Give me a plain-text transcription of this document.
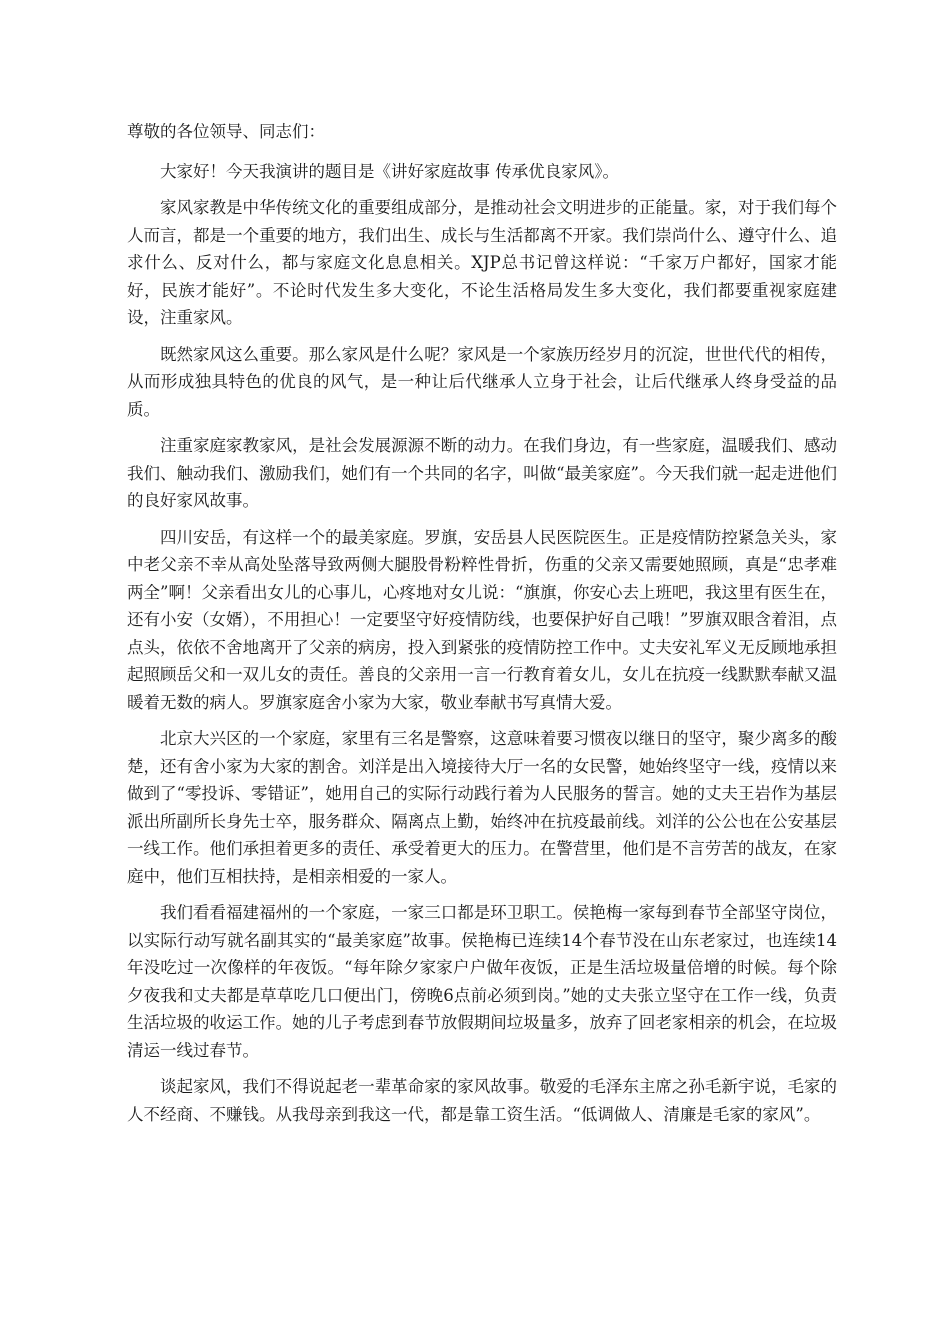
尊敬的各位领导、同志们：

大家好！今天我演讲的题目是《讲好家庭故事 传承优良家风》。

家风家教是中华传统文化的重要组成部分，是推动社会文明进步的正能量。家，对于我们每个人而言，都是一个重要的地方，我们出生、成长与生活都离不开家。我们崇尚什么、遵守什么、追求什么、反对什么，都与家庭文化息息相关。XJP总书记曾这样说：“千家万户都好，国家才能好，民族才能好”。不论时代发生多大变化，不论生活格局发生多大变化，我们都要重视家庭建设，注重家风。

既然家风这么重要。那么家风是什么呢？家风是一个家族历经岁月的沉淀，世世代代的相传，从而形成独具特色的优良的风气，是一种让后代继承人立身于社会，让后代继承人终身受益的品质。

注重家庭家教家风，是社会发展源源不断的动力。在我们身边，有一些家庭，温暖我们、感动我们、触动我们、激励我们，她们有一个共同的名字，叫做“最美家庭”。今天我们就一起走进他们的良好家风故事。

四川安岳，有这样一个的最美家庭。罗旗，安岳县人民医院医生。正是疫情防控紧急关头，家中老父亲不幸从高处坠落导致两侧大腿股骨粉粹性骨折，伤重的父亲又需要她照顾，真是“忠孝难两全”啊！父亲看出女儿的心事儿，心疼地对女儿说：“旗旗，你安心去上班吧，我这里有医生在，还有小安（女婿），不用担心！一定要坚守好疫情防线，也要保护好自己哦！”罗旗双眼含着泪，点点头，依依不舍地离开了父亲的病房，投入到紧张的疫情防控工作中。丈夫安礼军义无反顾地承担起照顾岳父和一双儿女的责任。善良的父亲用一言一行教育着女儿，女儿在抗疫一线默默奉献又温暖着无数的病人。罗旗家庭舍小家为大家，敬业奉献书写真情大爱。

北京大兴区的一个家庭，家里有三名是警察，这意味着要习惯夜以继日的坚守，聚少离多的酸楚，还有舍小家为大家的割舍。刘洋是出入境接待大厅一名的女民警，她始终坚守一线，疫情以来做到了“零投诉、零错证”，她用自己的实际行动践行着为人民服务的誓言。她的丈夫王岩作为基层派出所副所长身先士卒，服务群众、隔离点上勤，始终冲在抗疫最前线。刘洋的公公也在公安基层一线工作。他们承担着更多的责任、承受着更大的压力。在警营里，他们是不言劳苦的战友，在家庭中，他们互相扶持，是相亲相爱的一家人。

我们看看福建福州的一个家庭，一家三口都是环卫职工。侯艳梅一家每到春节全部坚守岗位，以实际行动写就名副其实的“最美家庭”故事。侯艳梅已连续14个春节没在山东老家过，也连续14年没吃过一次像样的年夜饭。“每年除夕家家户户做年夜饭，正是生活垃圾量倍增的时候。每个除夕夜我和丈夫都是草草吃几口便出门，傍晚6点前必须到岗。”她的丈夫张立坚守在工作一线，负责生活垃圾的收运工作。她的儿子考虑到春节放假期间垃圾量多，放弃了回老家相亲的机会，在垃圾清运一线过春节。

谈起家风，我们不得说起老一辈革命家的家风故事。敬爱的毛泽东主席之孙毛新宇说，毛家的人不经商、不赚钱。从我母亲到我这一代，都是靠工资生活。“低调做人、清廉是毛家的家风”。
